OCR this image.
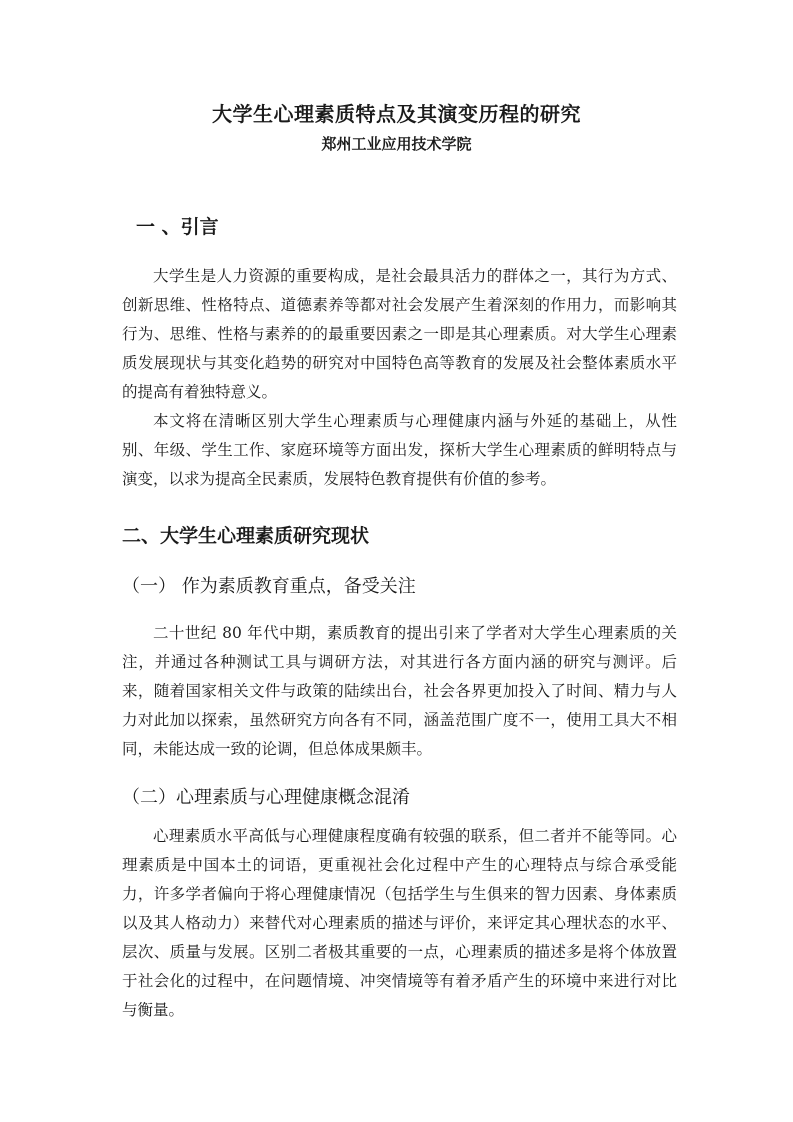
大学生心理素质特点及其演变历程的研究
郑州工业应用技术学院
一 、引言

大学生是人力资源的重要构成，是社会最具活力的群体之一，其行为方式、创新思维、性格特点、道德素养等都对社会发展产生着深刻的作用力，而影响其行为、思维、性格与素养的的最重要因素之一即是其心理素质。对大学生心理素质发展现状与其变化趋势的研究对中国特色高等教育的发展及社会整体素质水平的提高有着独特意义。

本文将在清晰区别大学生心理素质与心理健康内涵与外延的基础上，从性别、年级、学生工作、家庭环境等方面出发，探析大学生心理素质的鲜明特点与演变，以求为提高全民素质，发展特色教育提供有价值的参考。

二、大学生心理素质研究现状
（一） 作为素质教育重点，备受关注

二十世纪 80 年代中期，素质教育的提出引来了学者对大学生心理素质的关注，并通过各种测试工具与调研方法，对其进行各方面内涵的研究与测评。后来，随着国家相关文件与政策的陆续出台，社会各界更加投入了时间、精力与人力对此加以探索，虽然研究方向各有不同，涵盖范围广度不一，使用工具大不相同，未能达成一致的论调，但总体成果颇丰。

（二）心理素质与心理健康概念混淆

心理素质水平高低与心理健康程度确有较强的联系，但二者并不能等同。心理素质是中国本土的词语，更重视社会化过程中产生的心理特点与综合承受能力，许多学者偏向于将心理健康情况（包括学生与生俱来的智力因素、身体素质以及其人格动力）来替代对心理素质的描述与评价，来评定其心理状态的水平、层次、质量与发展。区别二者极其重要的一点，心理素质的描述多是将个体放置于社会化的过程中，在问题情境、冲突情境等有着矛盾产生的环境中来进行对比与衡量。
